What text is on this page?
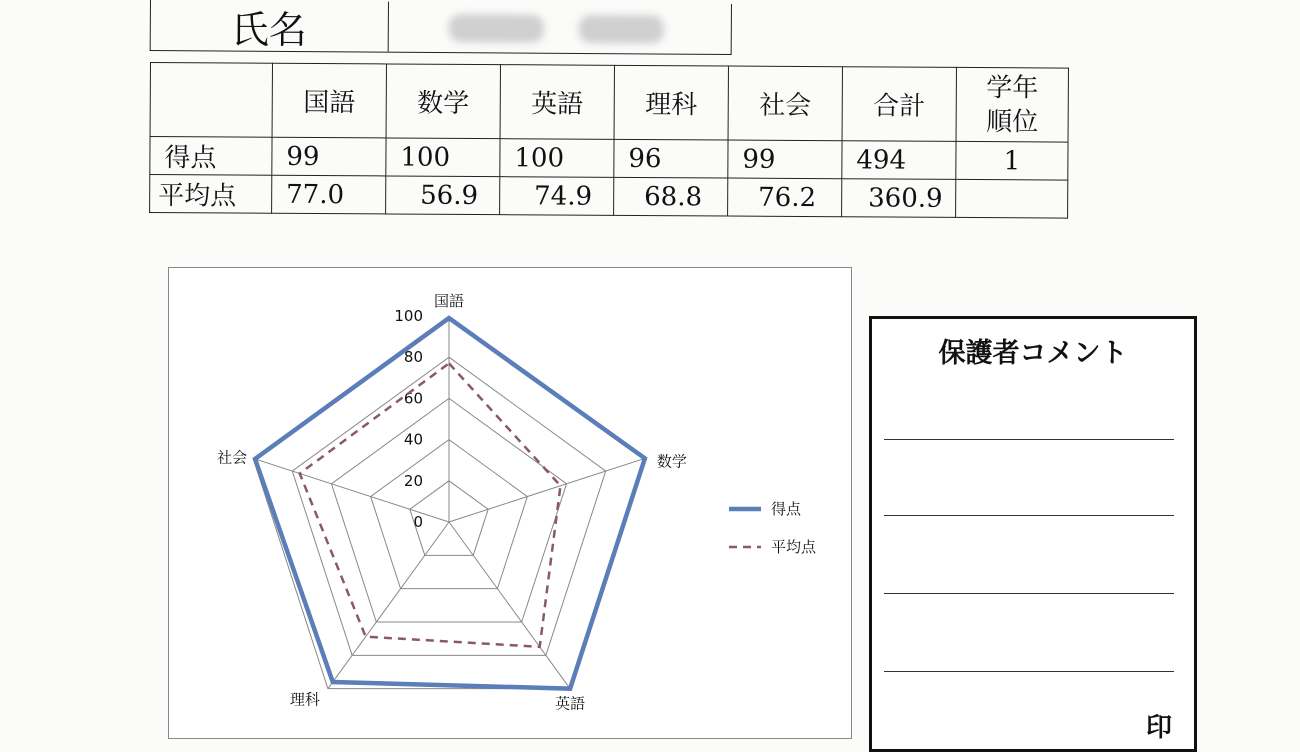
氏名
	国語	数学	英語	理科	社会	合計	学年
順位

得点	99	100	100	96	99	494	1
平均点	77.0	56.9	74.9	68.8	76.2	360.9	
0
20
40
60
80
100
国語
数学
英語
理科
社会
得点
平均点
保護者コメント
印
